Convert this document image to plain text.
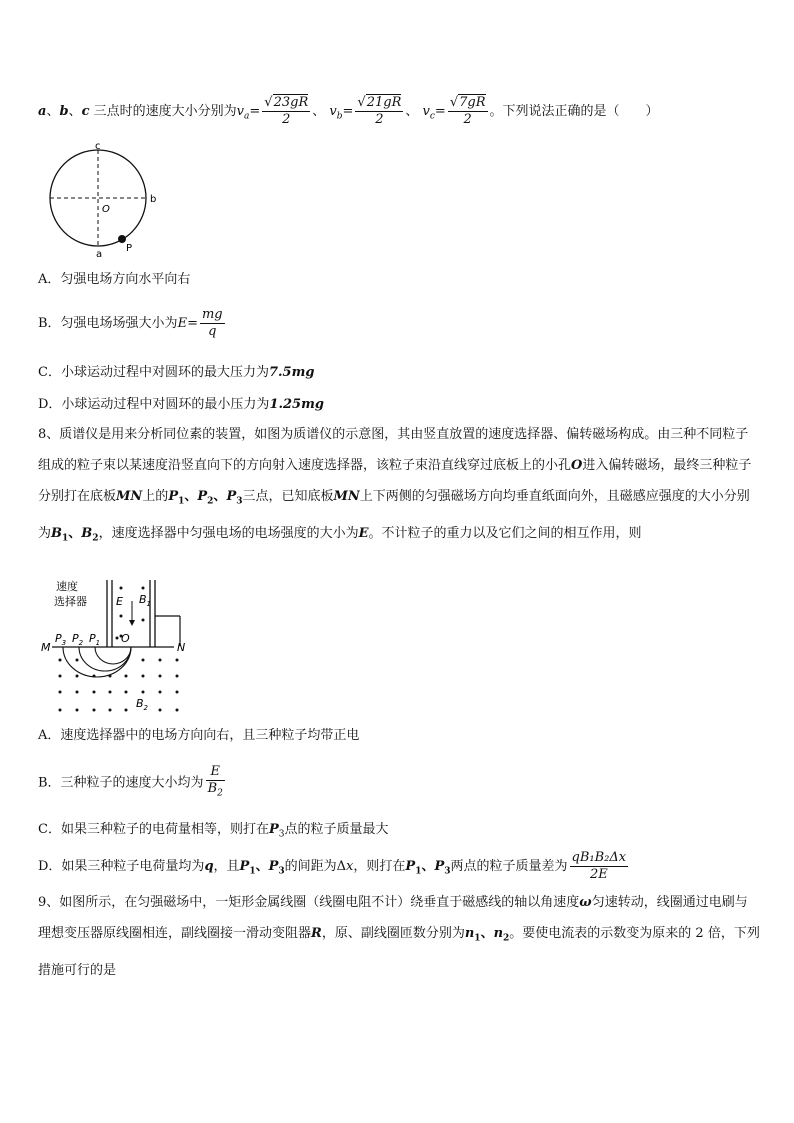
a、b、c 三点时的速度大小分别为$v_a= \frac{√23gR}{2}$ 、 $v_b= \frac{√21gR}{2}$ 、 $v_c= \frac{√7gR}{2}$ 。下列说法正确的是（　　）
c
b
a
O
P
A．匀强电场方向水平向右
B．匀强电场场强大小为$E= \frac{mg}{q}$
C．小球运动过程中对圆环的最大压力为7.5mg
D．小球运动过程中对圆环的最小压力为1.25mg
8、质谱仪是用来分析同位素的装置，如图为质谱仪的示意图，其由竖直放置的速度选择器、偏转磁场构成。由三种不同粒子组成的粒子束以某速度沿竖直向下的方向射入速度选择器，该粒子束沿直线穿过底板上的小孔O进入偏转磁场，最终三种粒子分别打在底板MN上的$P_1$、$P_2$、$P_3$三点，已知底板MN上下两侧的匀强磁场方向均垂直纸面向外，且磁感应强度的大小分别为$B_1$、$B_2$，速度选择器中匀强电场的电场强度的大小为E。不计粒子的重力以及它们之间的相互作用，则
速度
选择器	E $B_1$
M	N
$P_3$ $P_2$ $P_1$ O
$B_2$
A．速度选择器中的电场方向向右，且三种粒子均带正电
B．三种粒子的速度大小均为 $\frac{E}{B_2}$
C．如果三种粒子的电荷量相等，则打在$P_3$点的粒子质量最大
D．如果三种粒子电荷量均为q，且$P_1$、$P_3$的间距为Δx，则打在$P_1$、$P_3$两点的粒子质量差为 $\frac{\text{qB₁B₂Δx}}{2E}$
9、如图所示，在匀强磁场中，一矩形金属线圈（线圈电阻不计）绕垂直于磁感线的轴以角速度ω匀速转动，线圈通过电刷与理想变压器原线圈相连，副线圈接一滑动变阻器R，原、副线圈匝数分别为$n_1$、$n_2$。要使电流表的示数变为原来的 2 倍，下列措施可行的是
